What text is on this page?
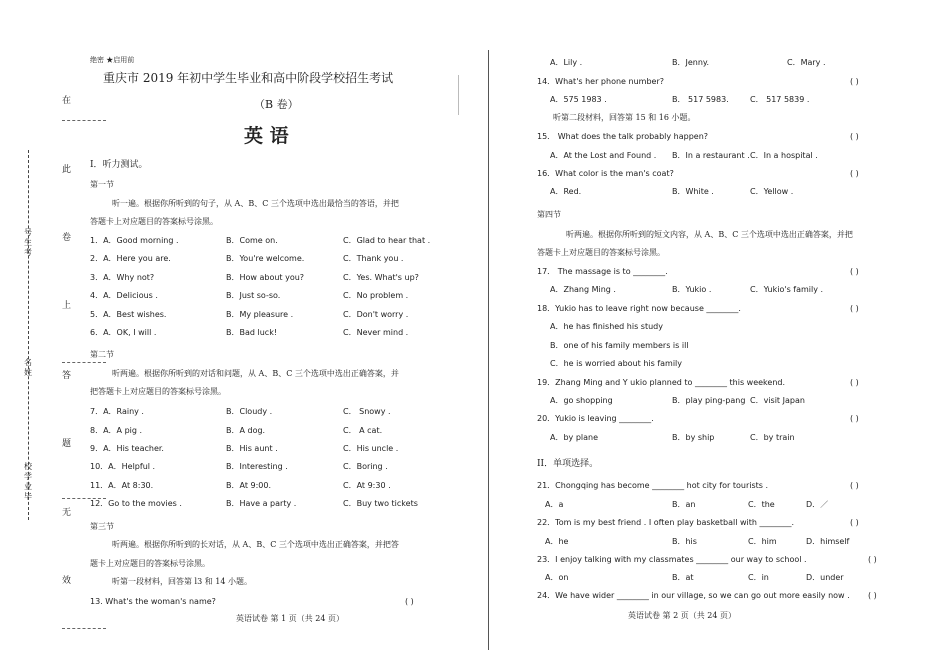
在
此
卷
上
答
题
无
效
号生考
名姓
校学业毕
绝密 ★启用前
重庆市 2019 年初中学生毕业和高中阶段学校招生考试
（B 卷）
英 语
I．听力测试。
第一节
听一遍。根据你所听到的句子，从 A、B、C 三个选项中选出最恰当的答语，并把
答题卡上对应题目的答案标号涂黑。
1．A．Good morning .	B．Come on.	C．Glad to hear that .
2．A．Here you are.	B．You're welcome.	C．Thank you .
3．A．Why not?	B．How about you?	C．Yes. What's up?
4．A．Delicious .	B．Just so-so.	C．No problem .
5．A．Best wishes.	B．My pleasure .	C．Don't worry .
6．A．OK, I will .	B．Bad luck!	C．Never mind .
7．A．Rainy .	B．Cloudy .	C． Snowy .
8．A．A pig .	B．A dog.	C． A cat.
9．A．His teacher.	B．His aunt .	C．His uncle .
10．A．Helpful .	B．Interesting .	C．Boring .
11．A．At 8:30.	B．At 9:00.	C．At 9:30 .
12．Go to the movies .	B．Have a party .	C．Buy two tickets
第二节
听两遍。根据你所听到的对话和问题，从 A、B、C 三个选项中选出正确答案，并
把答题卡上对应题目的答案标号涂黑。
第三节
听两遍。根据你所听到的长对话，从 A、B、C 三个选项中选出正确答案，并把答
题卡上对应题目的答案标号涂黑。
听第一段材料，回答第 l3 和 14 小题。
13. What's the woman's name?	( )
英语试卷 第 1 页（共 24 页）
A．Lily .	B．Jenny.	C．Mary .
14．What's her phone number?	( )
A．575 1983 .	B． 517 5983.	C． 517 5839 .
听第二段材料，回答第 15 和 16 小题。
15． What does the talk probably happen?	( )
A．At the Lost and Found . B．In a restaurant . C．In a hospital .
16．What color is the man's coat?	( )
A．Red.	B．White .	C．Yellow .
第四节
听两遍。根据你所听到的短文内容，从 A、B、C 三个选项中选出正确答案，并把
答题卡上对应题目的答案标号涂黑。
17． The massage is to ________.	( )
A．Zhang Ming .	B．Yukio .	C．Yukio's family .
18．Yukio has to leave right now because ________.	( )
A．he has finished his study
B．one of his family members is ill
C．he is worried about his family
19．Zhang Ming and Y ukio planned to ________ this weekend.	( )
A．go shopping	B．play ping-pang C．visit Japan
20．Yukio is leaving ________.	( )
A．by plane	B．by ship	C．by train
II．单项选择。
21．Chongqing has become ________ hot city for tourists .	( )
A．a	B．an	C．the	D．／
22．Tom is my best friend . I often play basketball with ________.	( )
A．he	B．his	C．him	D．himself
23．I enjoy talking with my classmates ________ our way to school .	( )
A．on	B．at	C．in	D．under
24．We have wider ________ in our village, so we can go out more easily now . ( )
英语试卷 第 2 页（共 24 页）
